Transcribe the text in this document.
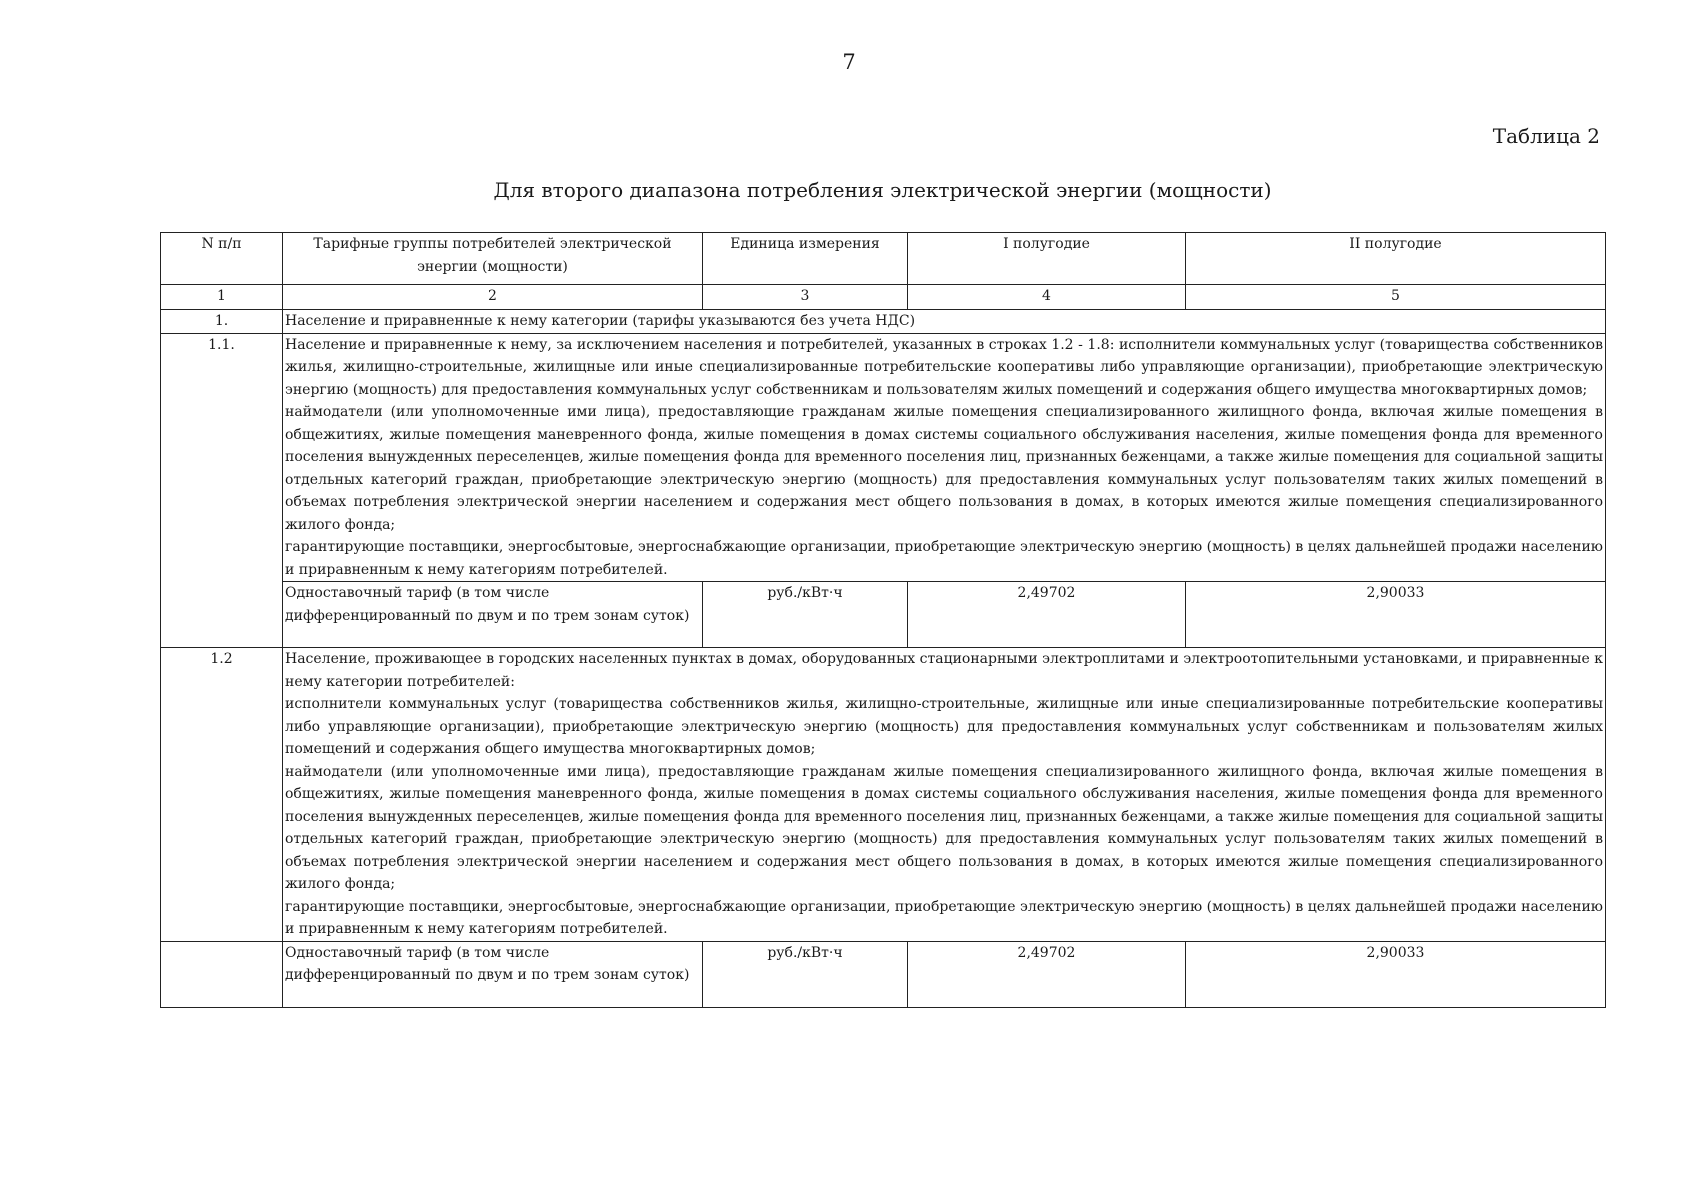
7
Таблица 2
Для второго диапазона потребления электрической энергии (мощности)
N п/п	Тарифные группы потребителей электрической энергии (мощности)	Единица измерения	I полугодие	II полугодие
1	2	3	4	5
1.	Население и приравненные к нему категории (тарифы указываются без учета НДС)			
1.1.	Население и приравненные к нему, за исключением населения и потребителей, указанных в строках 1.2 - 1.8: исполнители коммунальных услуг (товарищества собственников жилья, жилищно-строительные, жилищные или иные специализированные потребительские кооперативы либо управляющие организации), приобретающие электрическую энергию (мощность) для предоставления коммунальных услуг собственникам и пользователям жилых помещений и содержания общего имущества многоквартирных домов;

наймодатели (или уполномоченные ими лица), предоставляющие гражданам жилые помещения специализированного жилищного фонда, включая жилые помещения в общежитиях, жилые помещения маневренного фонда, жилые помещения в домах системы социального обслуживания населения, жилые помещения фонда для временного поселения вынужденных переселенцев, жилые помещения фонда для временного поселения лиц, признанных беженцами, а также жилые помещения для социальной защиты отдельных категорий граждан, приобретающие электрическую энергию (мощность) для предоставления коммунальных услуг пользователям таких жилых помещений в объемах потребления электрической энергии населением и содержания мест общего пользования в домах, в которых имеются жилые помещения специализированного жилого фонда;

гарантирующие поставщики, энергосбытовые, энергоснабжающие организации, приобретающие электрическую энергию (мощность) в целях дальнейшей продажи населению и приравненным к нему категориям потребителей.			

	Одноставочный тариф (в том числе дифференцированный по двум и по трем зонам суток)	руб./кВт·ч	2,49702	2,90033
1.2	Население, проживающее в городских населенных пунктах в домах, оборудованных стационарными электроплитами и электроотопительными установками, и приравненные к нему категории потребителей:

исполнители коммунальных услуг (товарищества собственников жилья, жилищно-строительные, жилищные или иные специализированные потребительские кооперативы либо управляющие организации), приобретающие электрическую энергию (мощность) для предоставления коммунальных услуг собственникам и пользователям жилых помещений и содержания общего имущества многоквартирных домов;

наймодатели (или уполномоченные ими лица), предоставляющие гражданам жилые помещения специализированного жилищного фонда, включая жилые помещения в общежитиях, жилые помещения маневренного фонда, жилые помещения в домах системы социального обслуживания населения, жилые помещения фонда для временного поселения вынужденных переселенцев, жилые помещения фонда для временного поселения лиц, признанных беженцами, а также жилые помещения для социальной защиты отдельных категорий граждан, приобретающие электрическую энергию (мощность) для предоставления коммунальных услуг пользователям таких жилых помещений в объемах потребления электрической энергии населением и содержания мест общего пользования в домах, в которых имеются жилые помещения специализированного жилого фонда;

гарантирующие поставщики, энергосбытовые, энергоснабжающие организации, приобретающие электрическую энергию (мощность) в целях дальнейшей продажи населению и приравненным к нему категориям потребителей.			

	Одноставочный тариф (в том числе дифференцированный по двум и по трем зонам суток)	руб./кВт·ч	2,49702	2,90033
